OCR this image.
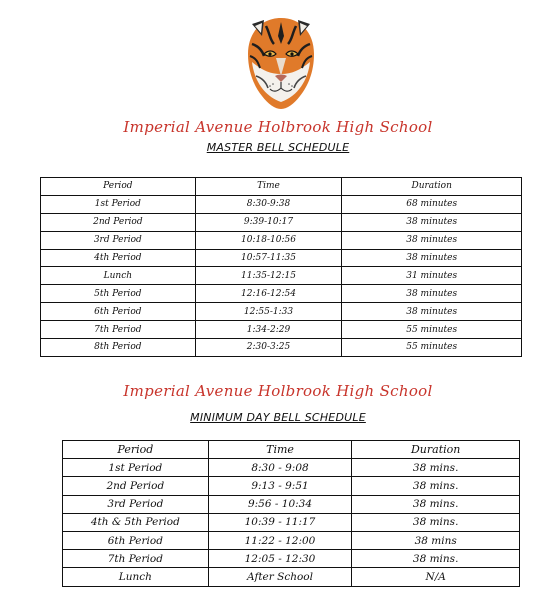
Imperial Avenue Holbrook High School
MASTER BELL SCHEDULE
Period	Time	Duration
1st Period	8:30-9:38	68 minutes
2nd Period	9:39-10:17	38 minutes
3rd Period	10:18-10:56	38 minutes
4th Period	10:57-11:35	38 minutes
Lunch	11:35-12:15	31 minutes
5th Period	12:16-12:54	38 minutes
6th Period	12:55-1:33	38 minutes
7th Period	1:34-2:29	55 minutes
8th Period	2:30-3:25	55 minutes
Imperial Avenue Holbrook High School
MINIMUM DAY BELL SCHEDULE
Period	Time	Duration
1st Period	8:30 - 9:08	38 mins.
2nd Period	9:13 - 9:51	38 mins.
3rd Period	9:56 - 10:34	38 mins.
4th & 5th Period	10:39 - 11:17	38 mins.
6th Period	11:22 - 12:00	38 mins
7th Period	12:05 - 12:30	38 mins.
Lunch	After School	N/A
